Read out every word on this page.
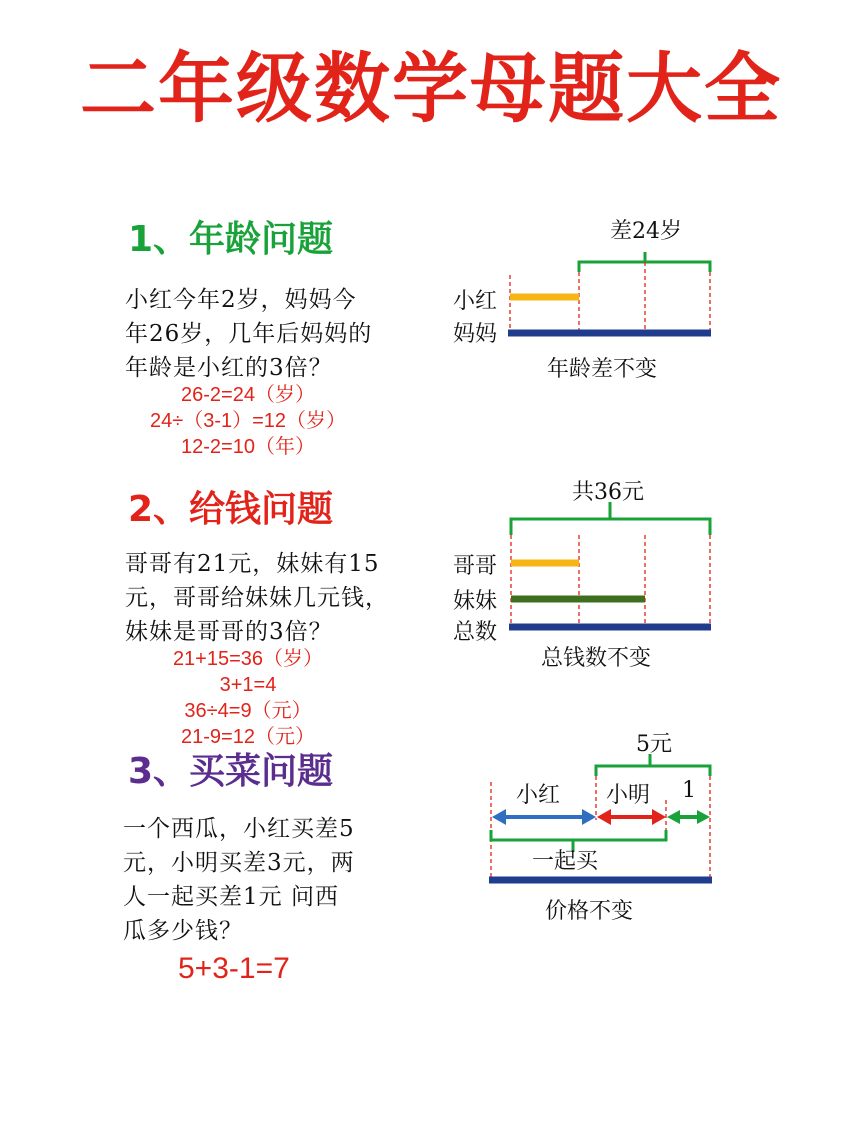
二年级数学母题大全
1、年龄问题
小红今年2岁，妈妈今
年26岁，几年后妈妈的
年龄是小红的3倍？
26-2=24（岁）
24÷（3-1）=12（岁）
12-2=10（年）
2、给钱问题
哥哥有21元，妹妹有15
元，哥哥给妹妹几元钱，
妹妹是哥哥的3倍？
21+15=36（岁）
3+1=4
36÷4=9（元）
21-9=12（元）
3、买菜问题
一个西瓜，小红买差5
元，小明买差3元，两
人一起买差1元 问西
瓜多少钱？
5+3-1=7
差24岁
小红
妈妈
年龄差不变
共36元
哥哥
妹妹
总数
总钱数不变
5元
小红 小明 1
一起买
价格不变
